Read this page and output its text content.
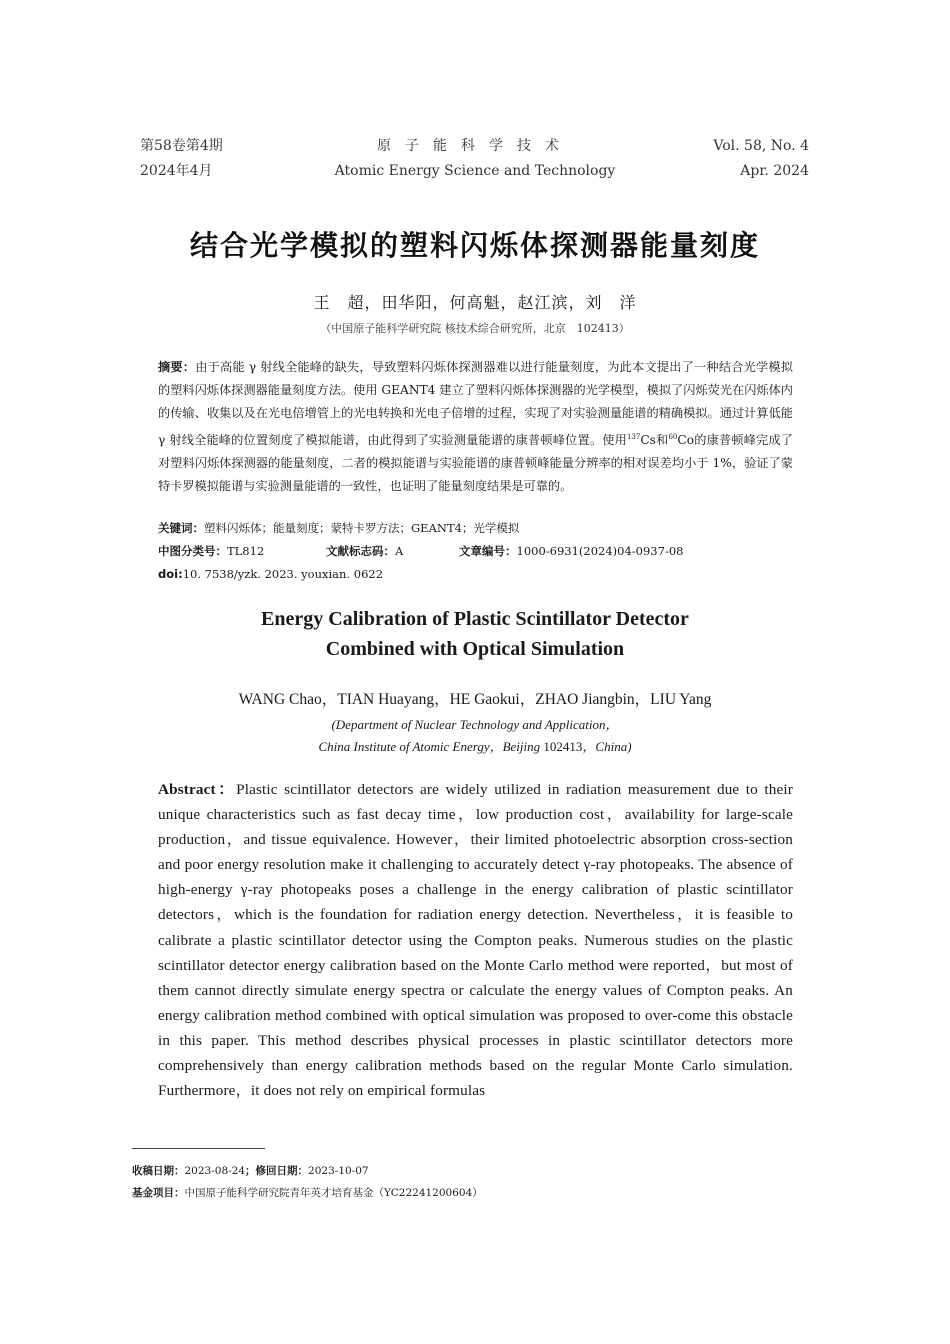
第58卷第4期
2024年4月
原子能科学技术
Atomic Energy Science and Technology
Vol. 58, No. 4
Apr. 2024
结合光学模拟的塑料闪烁体探测器能量刻度
王　超，田华阳，何高魁，赵江滨，刘　洋
（中国原子能科学研究院 核技术综合研究所，北京　102413）

摘要：由于高能 γ 射线全能峰的缺失，导致塑料闪烁体探测器难以进行能量刻度，为此本文提出了一种结合光学模拟的塑料闪烁体探测器能量刻度方法。使用 GEANT4 建立了塑料闪烁体探测器的光学模型，模拟了闪烁荧光在闪烁体内的传输、收集以及在光电倍增管上的光电转换和光电子倍增的过程，实现了对实验测量能谱的精确模拟。通过计算低能 γ 射线全能峰的位置刻度了模拟能谱，由此得到了实验测量能谱的康普顿峰位置。使用$^{137}$Cs和$^{60}$Co的康普顿峰完成了对塑料闪烁体探测器的能量刻度，二者的模拟能谱与实验能谱的康普顿峰能量分辨率的相对误差均小于 1%，验证了蒙特卡罗模拟能谱与实验测量能谱的一致性，也证明了能量刻度结果是可靠的。

关键词：塑料闪烁体；能量刻度；蒙特卡罗方法；GEANT4；光学模拟
中图分类号：TL812	文献标志码：A	文章编号：1000-6931(2024)04-0937-08
doi:10. 7538/yzk. 2023. youxian. 0622
Energy Calibration of Plastic Scintillator Detector
Combined with Optical Simulation
WANG Chao，TIAN Huayang，HE Gaokui，ZHAO Jiangbin，LIU Yang
(Department of Nuclear Technology and Application，
China Institute of Atomic Energy，Beijing 102413，China)

Abstract：Plastic scintillator detectors are widely utilized in radiation measurement due to their unique characteristics such as fast decay time，low production cost，availability for large-scale production，and tissue equivalence. However，their limited photoelectric absorption cross-section and poor energy resolution make it challenging to accurately detect γ-ray photopeaks. The absence of high-energy γ-ray photopeaks poses a challenge in the energy calibration of plastic scintillator detectors，which is the foundation for radiation energy detection. Nevertheless，it is feasible to calibrate a plastic scintillator detector using the Compton peaks. Numerous studies on the plastic scintillator detector energy calibration based on the Monte Carlo method were reported，but most of them cannot directly simulate energy spectra or calculate the energy values of Compton peaks. An energy calibration method combined with optical simulation was proposed to over-come this obstacle in this paper. This method describes physical processes in plastic scintillator detectors more comprehensively than energy calibration methods based on the regular Monte Carlo simulation. Furthermore，it does not rely on empirical formulas

收稿日期：2023-08-24；修回日期：2023-10-07
基金项目：中国原子能科学研究院青年英才培育基金（YC22241200604）
